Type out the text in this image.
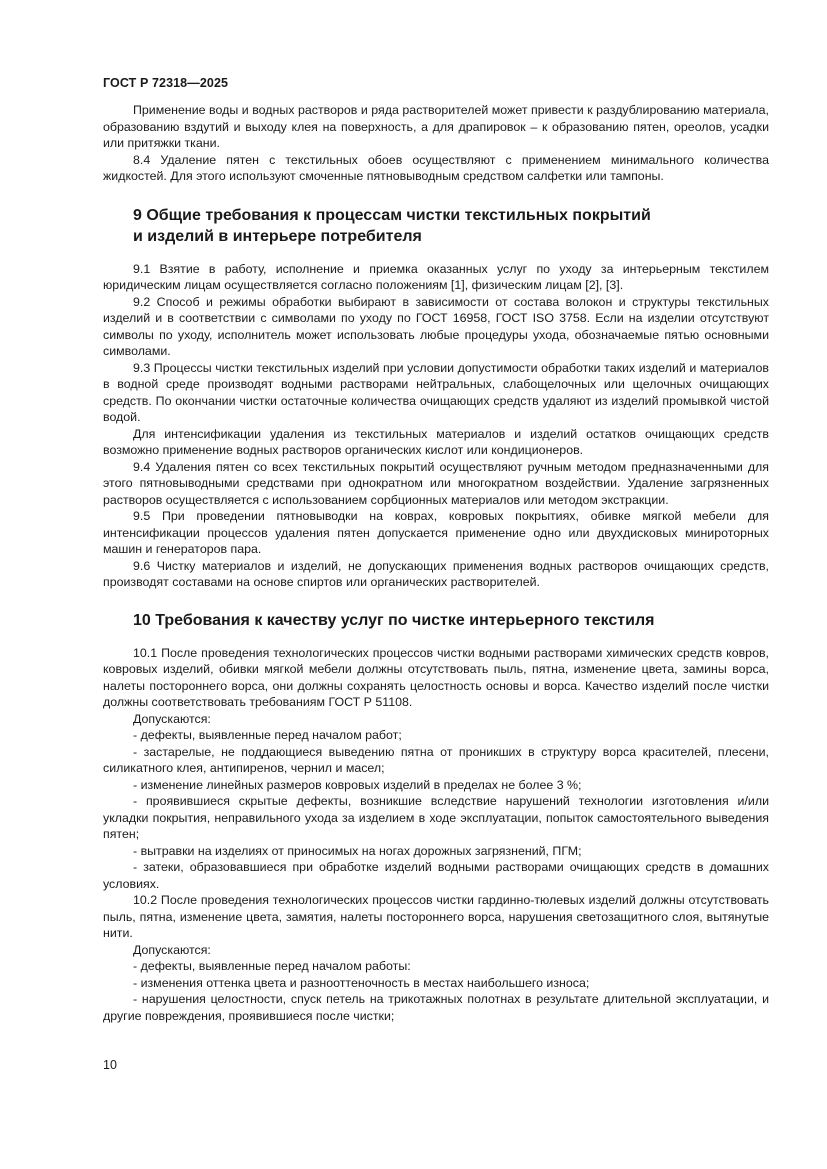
ГОСТ Р 72318—2025

Применение воды и водных растворов и ряда растворителей может привести к раздублированию материала, образованию вздутий и выходу клея на поверхность, а для драпировок – к образованию пятен, ореолов, усадки или притяжки ткани.

8.4 Удаление пятен с текстильных обоев осуществляют с применением минимального количества жидкостей. Для этого используют смоченные пятновыводным средством салфетки или тампоны.

9 Общие требования к процессам чистки текстильных покрытий
и изделий в интерьере потребителя

9.1 Взятие в работу, исполнение и приемка оказанных услуг по уходу за интерьерным текстилем юридическим лицам осуществляется согласно положениям [1], физическим лицам [2], [3].

9.2 Способ и режимы обработки выбирают в зависимости от состава волокон и структуры текстильных изделий и в соответствии с символами по уходу по ГОСТ 16958, ГОСТ ISO 3758. Если на изделии отсутствуют символы по уходу, исполнитель может использовать любые процедуры ухода, обозначаемые пятью основными символами.

9.3 Процессы чистки текстильных изделий при условии допустимости обработки таких изделий и материалов в водной среде производят водными растворами нейтральных, слабощелочных или щелочных очищающих средств. По окончании чистки остаточные количества очищающих средств удаляют из изделий промывкой чистой водой.

Для интенсификации удаления из текстильных материалов и изделий остатков очищающих средств возможно применение водных растворов органических кислот или кондиционеров.

9.4 Удаления пятен со всех текстильных покрытий осуществляют ручным методом предназначенными для этого пятновыводными средствами при однократном или многократном воздействии. Удаление загрязненных растворов осуществляется с использованием сорбционных материалов или методом экстракции.

9.5 При проведении пятновыводки на коврах, ковровых покрытиях, обивке мягкой мебели для интенсификации процессов удаления пятен допускается применение одно или двухдисковых минироторных машин и генераторов пара.

9.6 Чистку материалов и изделий, не допускающих применения водных растворов очищающих средств, производят составами на основе спиртов или органических растворителей.

10 Требования к качеству услуг по чистке интерьерного текстиля

10.1 После проведения технологических процессов чистки водными растворами химических средств ковров, ковровых изделий, обивки мягкой мебели должны отсутствовать пыль, пятна, изменение цвета, замины ворса, налеты постороннего ворса, они должны сохранять целостность основы и ворса. Качество изделий после чистки должны соответствовать требованиям ГОСТ Р 51108.

Допускаются:

- дефекты, выявленные перед началом работ;

- застарелые, не поддающиеся выведению пятна от проникших в структуру ворса красителей, плесени, силикатного клея, антипиренов, чернил и масел;

- изменение линейных размеров ковровых изделий в пределах не более 3 %;

- проявившиеся скрытые дефекты, возникшие вследствие нарушений технологии изготовления и/или укладки покрытия, неправильного ухода за изделием в ходе эксплуатации, попыток самостоятельного выведения пятен;

- вытравки на изделиях от приносимых на ногах дорожных загрязнений, ПГМ;

- затеки, образовавшиеся при обработке изделий водными растворами очищающих средств в домашних условиях.

10.2 После проведения технологических процессов чистки гардинно-тюлевых изделий должны отсутствовать пыль, пятна, изменение цвета, замятия, налеты постороннего ворса, нарушения светозащитного слоя, вытянутые нити.

Допускаются:

- дефекты, выявленные перед началом работы:

- изменения оттенка цвета и разнооттеночность в местах наибольшего износа;

- нарушения целостности, спуск петель на трикотажных полотнах в результате длительной эксплуатации, и другие повреждения, проявившиеся после чистки;

10
